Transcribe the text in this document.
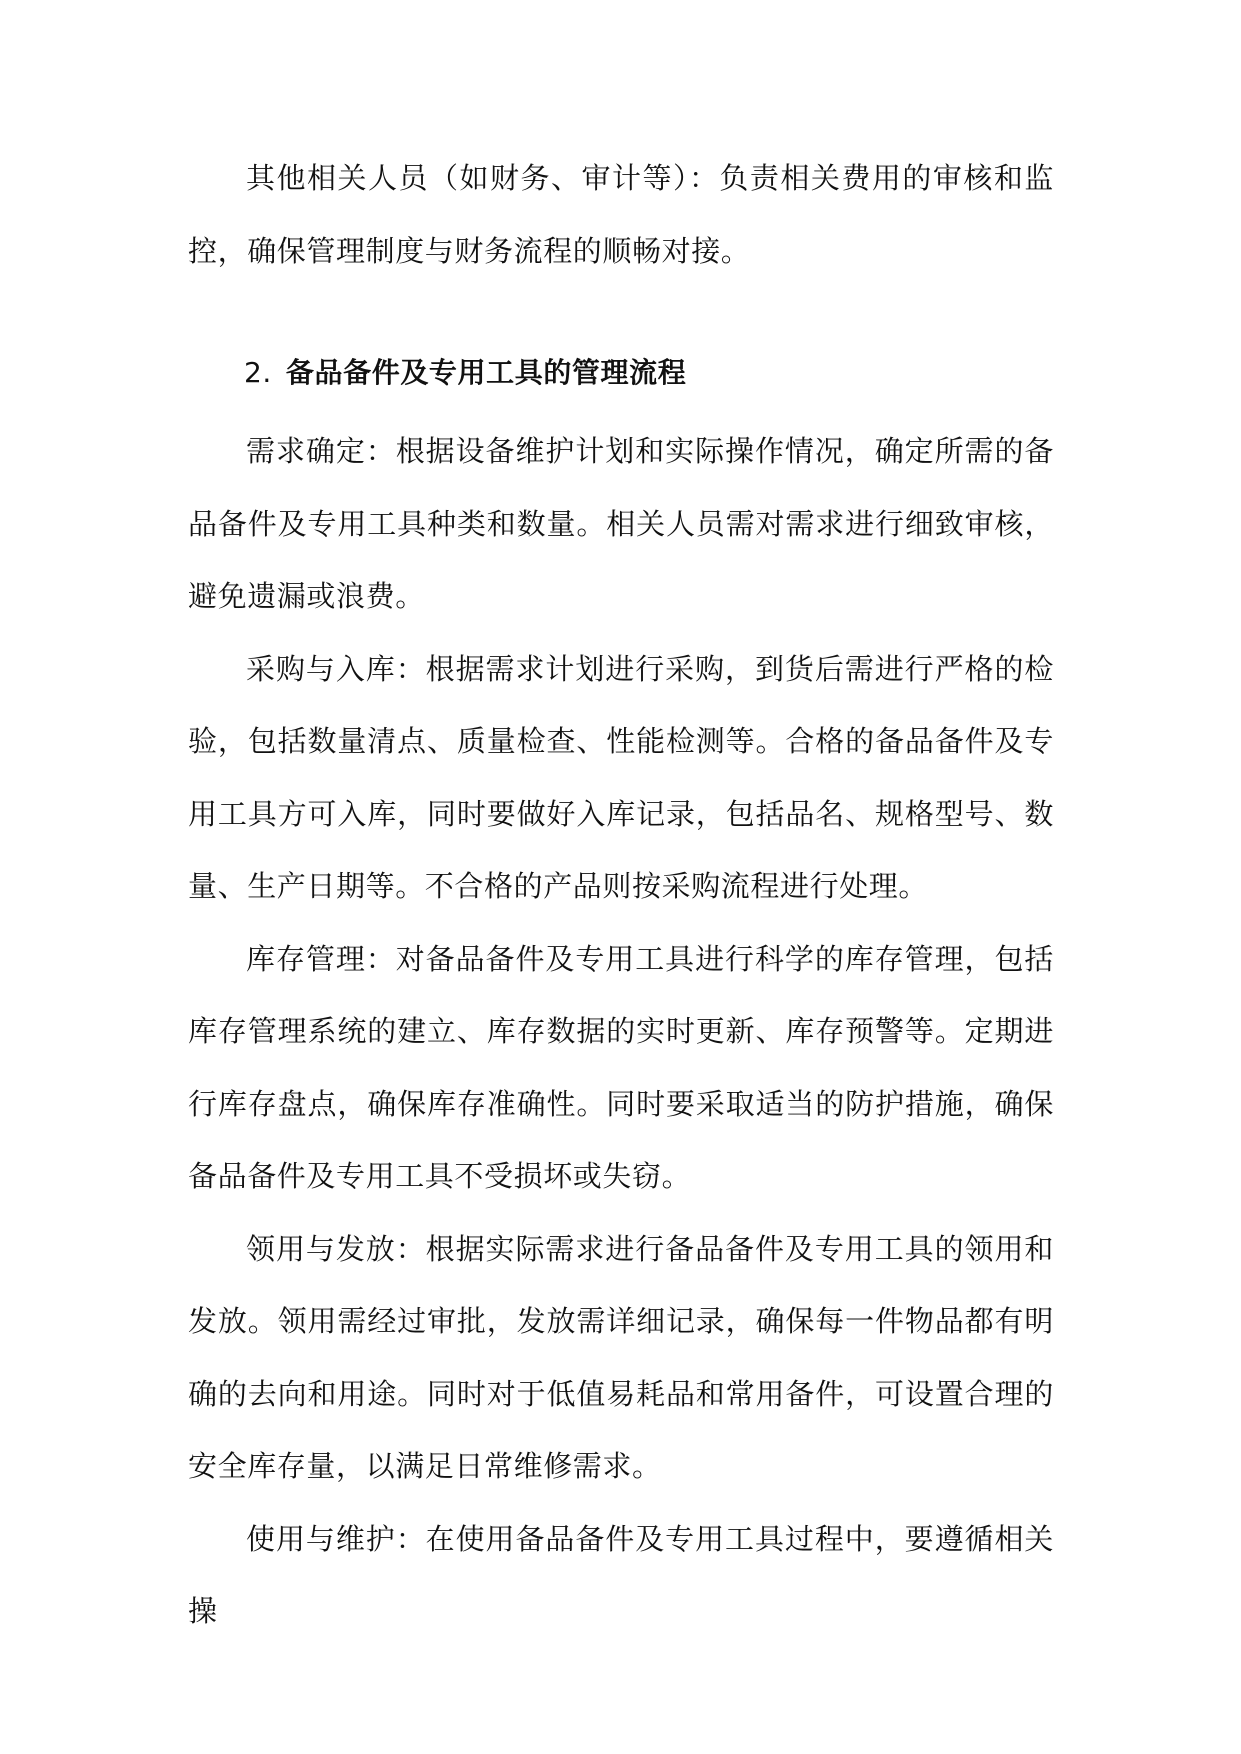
其他相关人员（如财务、审计等）：负责相关费用的审核和监控，确保管理制度与财务流程的顺畅对接。

2. 备品备件及专用工具的管理流程

需求确定：根据设备维护计划和实际操作情况，确定所需的备品备件及专用工具种类和数量。相关人员需对需求进行细致审核，避免遗漏或浪费。

采购与入库：根据需求计划进行采购，到货后需进行严格的检验，包括数量清点、质量检查、性能检测等。合格的备品备件及专用工具方可入库，同时要做好入库记录，包括品名、规格型号、数量、生产日期等。不合格的产品则按采购流程进行处理。

库存管理：对备品备件及专用工具进行科学的库存管理，包括库存管理系统的建立、库存数据的实时更新、库存预警等。定期进行库存盘点，确保库存准确性。同时要采取适当的防护措施，确保备品备件及专用工具不受损坏或失窃。

领用与发放：根据实际需求进行备品备件及专用工具的领用和发放。领用需经过审批，发放需详细记录，确保每一件物品都有明确的去向和用途。同时对于低值易耗品和常用备件，可设置合理的安全库存量，以满足日常维修需求。

使用与维护：在使用备品备件及专用工具过程中，要遵循相关操
